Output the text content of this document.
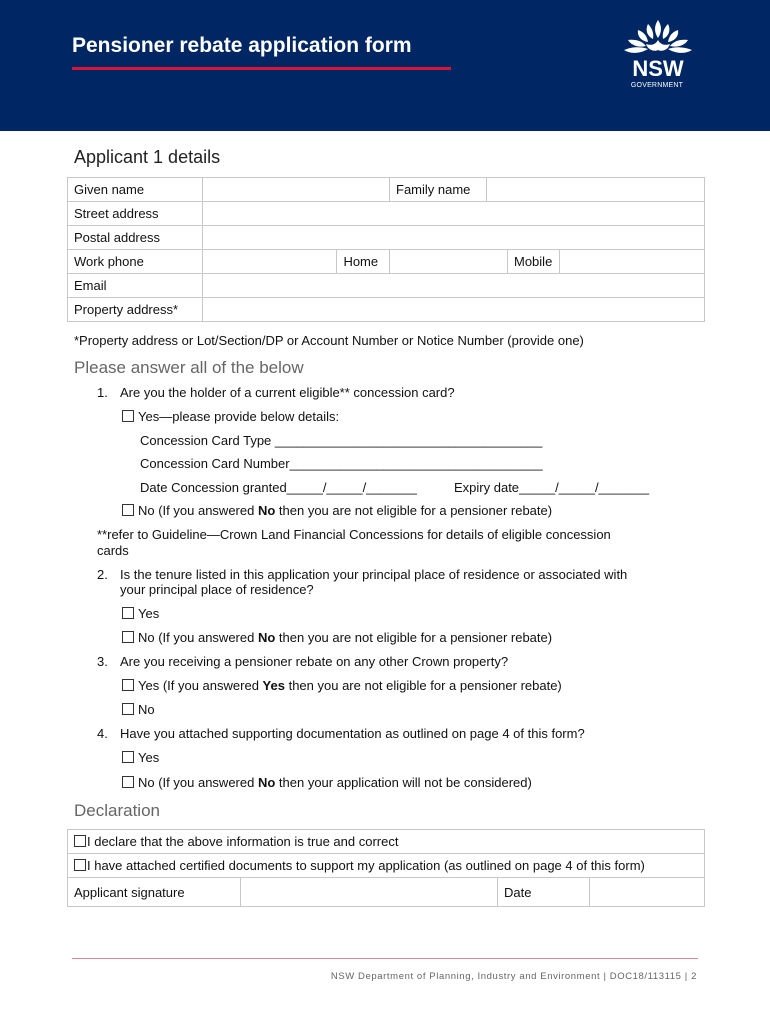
Pensioner rebate application form
NSW
GOVERNMENT
Applicant 1 details
Given name			Family name			
Street address						
Postal address						
Work phone		Home			Mobile	
Email						
Property address*						
*Property address or Lot/Section/DP or Account Number or Notice Number (provide one)
Please answer all of the below
1. Are you the holder of a current eligible** concession card?
Yes—please provide below details:
Concession Card Type _____________________________________
Concession Card Number___________________________________
Date Concession granted_____/_____/_______	Expiry date_____/_____/_______
No (If you answered No then you are not eligible for a pensioner rebate)
**refer to Guideline—Crown Land Financial Concessions for details of eligible concession
cards
2. Is the tenure listed in this application your principal place of residence or associated with
your principal place of residence?
Yes
No (If you answered No then you are not eligible for a pensioner rebate)
3. Are you receiving a pensioner rebate on any other Crown property?
Yes (If you answered Yes then you are not eligible for a pensioner rebate)
No
4. Have you attached supporting documentation as outlined on page 4 of this form?
Yes
No (If you answered No then your application will not be considered)
Declaration
I declare that the above information is true and correct
I have attached certified documents to support my application (as outlined on page 4 of this form)
Applicant signature		Date	
NSW Department of Planning, Industry and Environment | DOC18/113115 | 2
